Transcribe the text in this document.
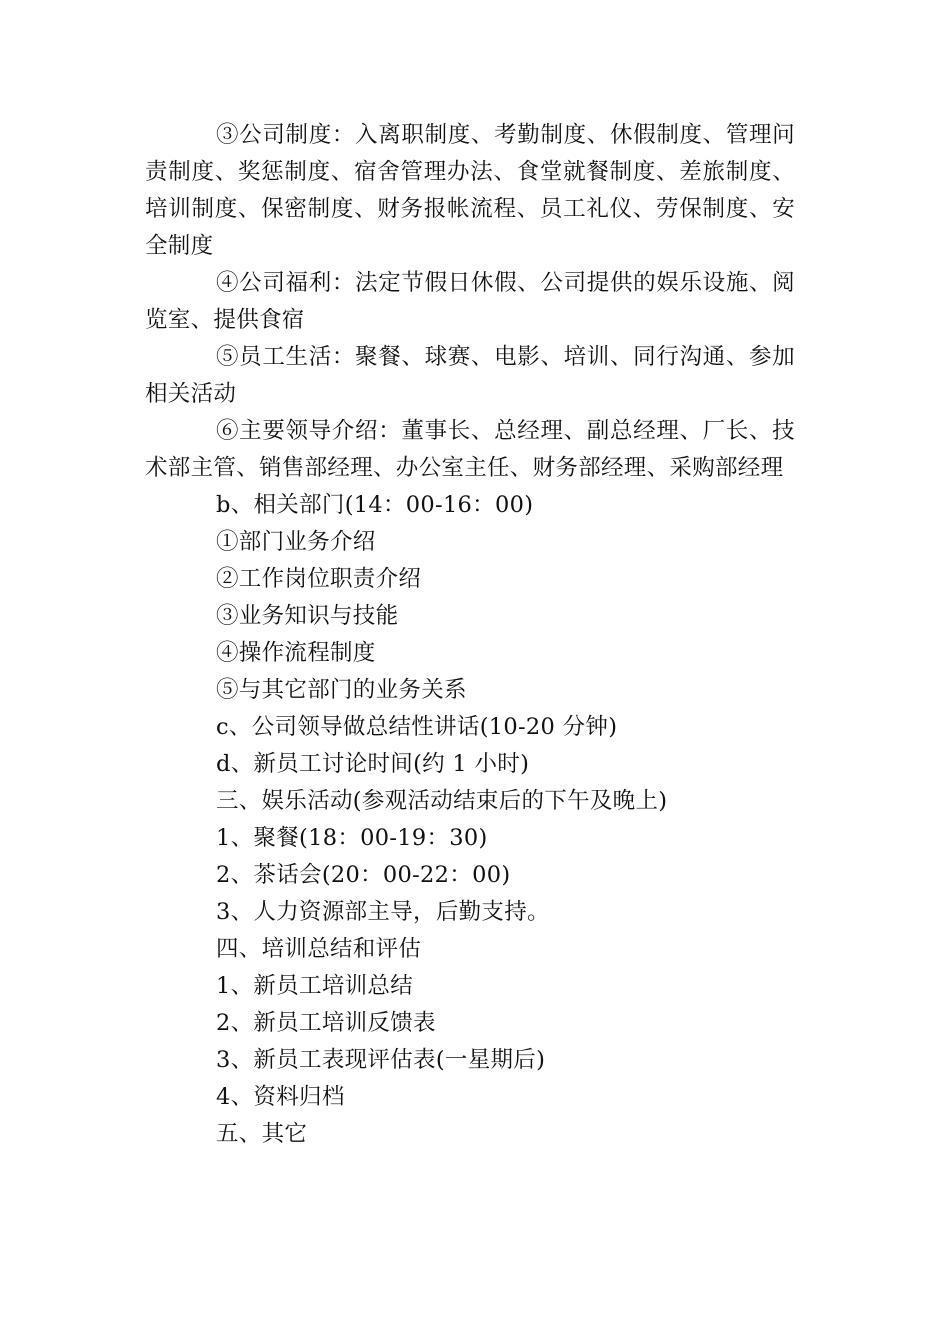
③公司制度：入离职制度、考勤制度、休假制度、管理问责制度、奖惩制度、宿舍管理办法、食堂就餐制度、差旅制度、培训制度、保密制度、财务报帐流程、员工礼仪、劳保制度、安全制度

④公司福利：法定节假日休假、公司提供的娱乐设施、阅览室、提供食宿

⑤员工生活：聚餐、球赛、电影、培训、同行沟通、参加相关活动

⑥主要领导介绍：董事长、总经理、副总经理、厂长、技术部主管、销售部经理、办公室主任、财务部经理、采购部经理

b、相关部门(14：00-16：00)

①部门业务介绍

②工作岗位职责介绍

③业务知识与技能

④操作流程制度

⑤与其它部门的业务关系

c、公司领导做总结性讲话(10-20 分钟)

d、新员工讨论时间(约 1 小时)

三、娱乐活动(参观活动结束后的下午及晚上)

1、聚餐(18：00-19：30)

2、茶话会(20：00-22：00)

3、人力资源部主导，后勤支持。

四、培训总结和评估

1、新员工培训总结

2、新员工培训反馈表

3、新员工表现评估表(一星期后)

4、资料归档

五、其它
